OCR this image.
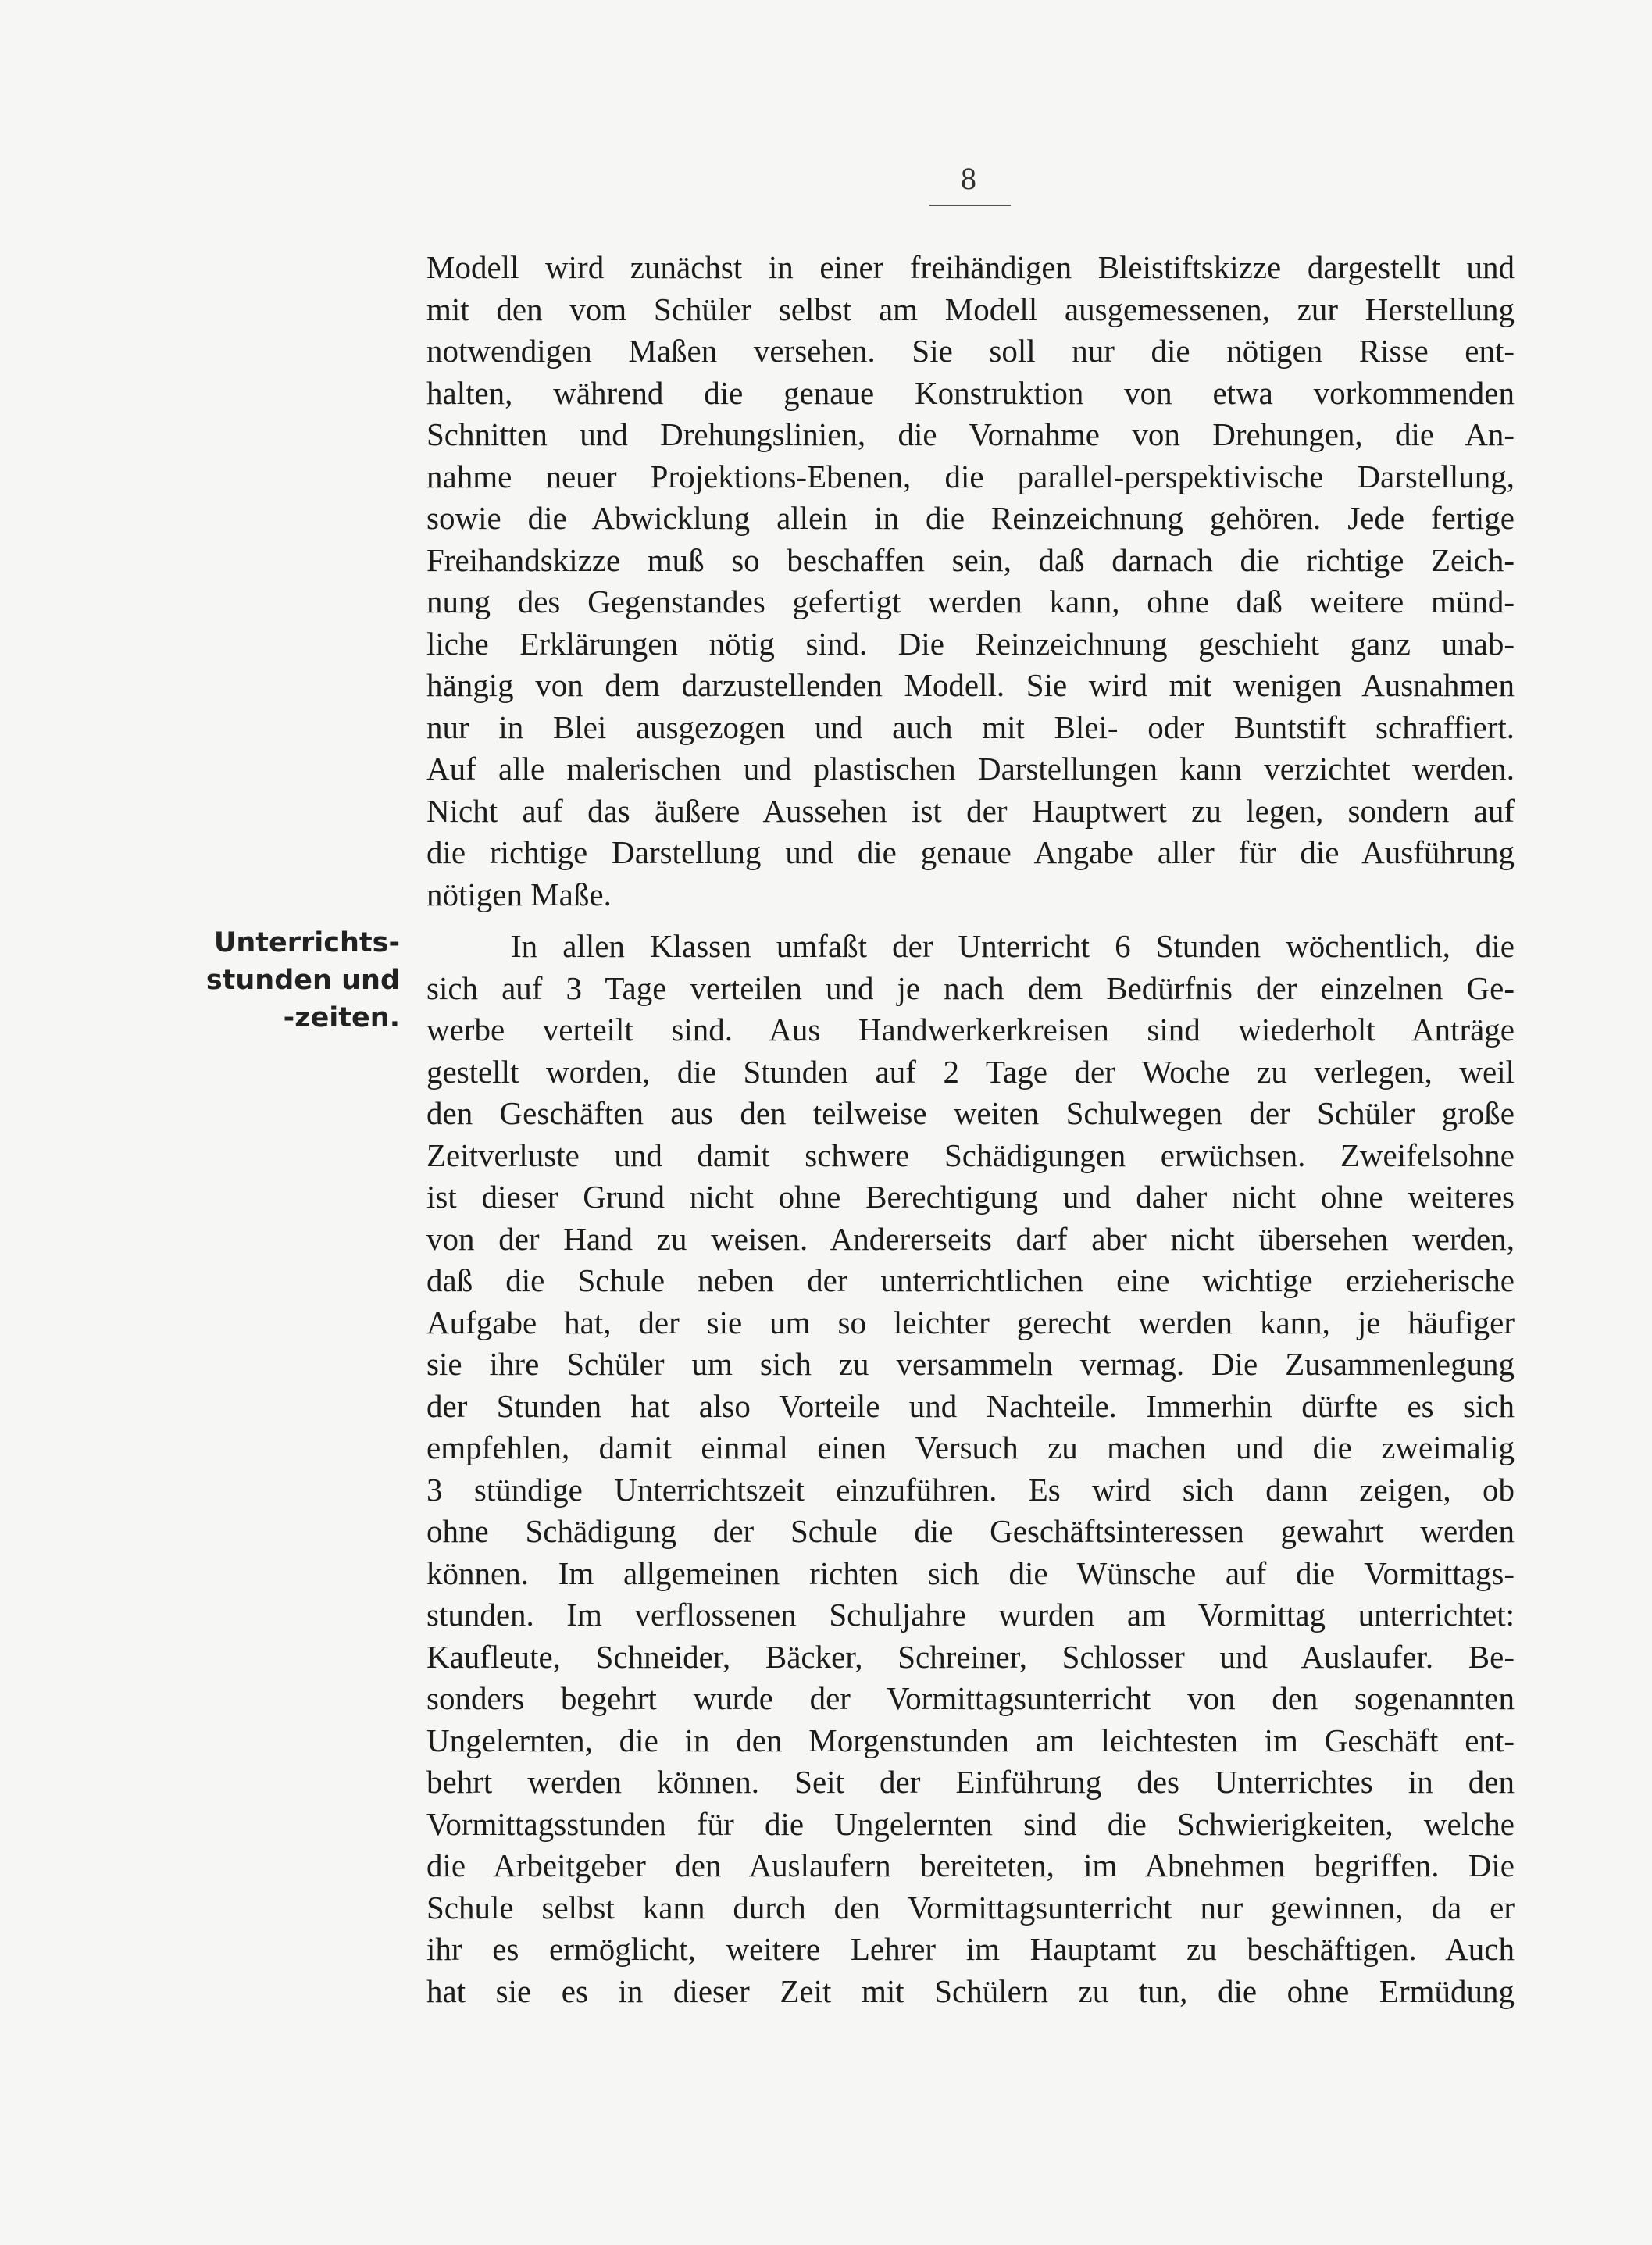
8
Unterrichts-
stunden und
-zeiten.
Modell wird zunächst in einer freihändigen Bleistiftskizze dargestellt und
mit den vom Schüler selbst am Modell ausgemessenen, zur Herstellung
notwendigen Maßen versehen. Sie soll nur die nötigen Risse ent-
halten, während die genaue Konstruktion von etwa vorkommenden
Schnitten und Drehungslinien, die Vornahme von Drehungen, die An-
nahme neuer Projektions-Ebenen, die parallel-perspektivische Darstellung,
sowie die Abwicklung allein in die Reinzeichnung gehören. Jede fertige
Freihandskizze muß so beschaffen sein, daß darnach die richtige Zeich-
nung des Gegenstandes gefertigt werden kann, ohne daß weitere münd-
liche Erklärungen nötig sind. Die Reinzeichnung geschieht ganz unab-
hängig von dem darzustellenden Modell. Sie wird mit wenigen Ausnahmen
nur in Blei ausgezogen und auch mit Blei- oder Buntstift schraffiert.
Auf alle malerischen und plastischen Darstellungen kann verzichtet werden.
Nicht auf das äußere Aussehen ist der Hauptwert zu legen, sondern auf
die richtige Darstellung und die genaue Angabe aller für die Ausführung
nötigen Maße.
In allen Klassen umfaßt der Unterricht 6 Stunden wöchentlich, die
sich auf 3 Tage verteilen und je nach dem Bedürfnis der einzelnen Ge-
werbe verteilt sind. Aus Handwerkerkreisen sind wiederholt Anträge
gestellt worden, die Stunden auf 2 Tage der Woche zu verlegen, weil
den Geschäften aus den teilweise weiten Schulwegen der Schüler große
Zeitverluste und damit schwere Schädigungen erwüchsen. Zweifelsohne
ist dieser Grund nicht ohne Berechtigung und daher nicht ohne weiteres
von der Hand zu weisen. Andererseits darf aber nicht übersehen werden,
daß die Schule neben der unterrichtlichen eine wichtige erzieherische
Aufgabe hat, der sie um so leichter gerecht werden kann, je häufiger
sie ihre Schüler um sich zu versammeln vermag. Die Zusammenlegung
der Stunden hat also Vorteile und Nachteile. Immerhin dürfte es sich
empfehlen, damit einmal einen Versuch zu machen und die zweimalig
3 stündige Unterrichtszeit einzuführen. Es wird sich dann zeigen, ob
ohne Schädigung der Schule die Geschäftsinteressen gewahrt werden
können. Im allgemeinen richten sich die Wünsche auf die Vormittags-
stunden. Im verflossenen Schuljahre wurden am Vormittag unterrichtet:
Kaufleute, Schneider, Bäcker, Schreiner, Schlosser und Auslaufer. Be-
sonders begehrt wurde der Vormittagsunterricht von den sogenannten
Ungelernten, die in den Morgenstunden am leichtesten im Geschäft ent-
behrt werden können. Seit der Einführung des Unterrichtes in den
Vormittagsstunden für die Ungelernten sind die Schwierigkeiten, welche
die Arbeitgeber den Auslaufern bereiteten, im Abnehmen begriffen. Die
Schule selbst kann durch den Vormittagsunterricht nur gewinnen, da er
ihr es ermöglicht, weitere Lehrer im Hauptamt zu beschäftigen. Auch
hat sie es in dieser Zeit mit Schülern zu tun, die ohne Ermüdung
